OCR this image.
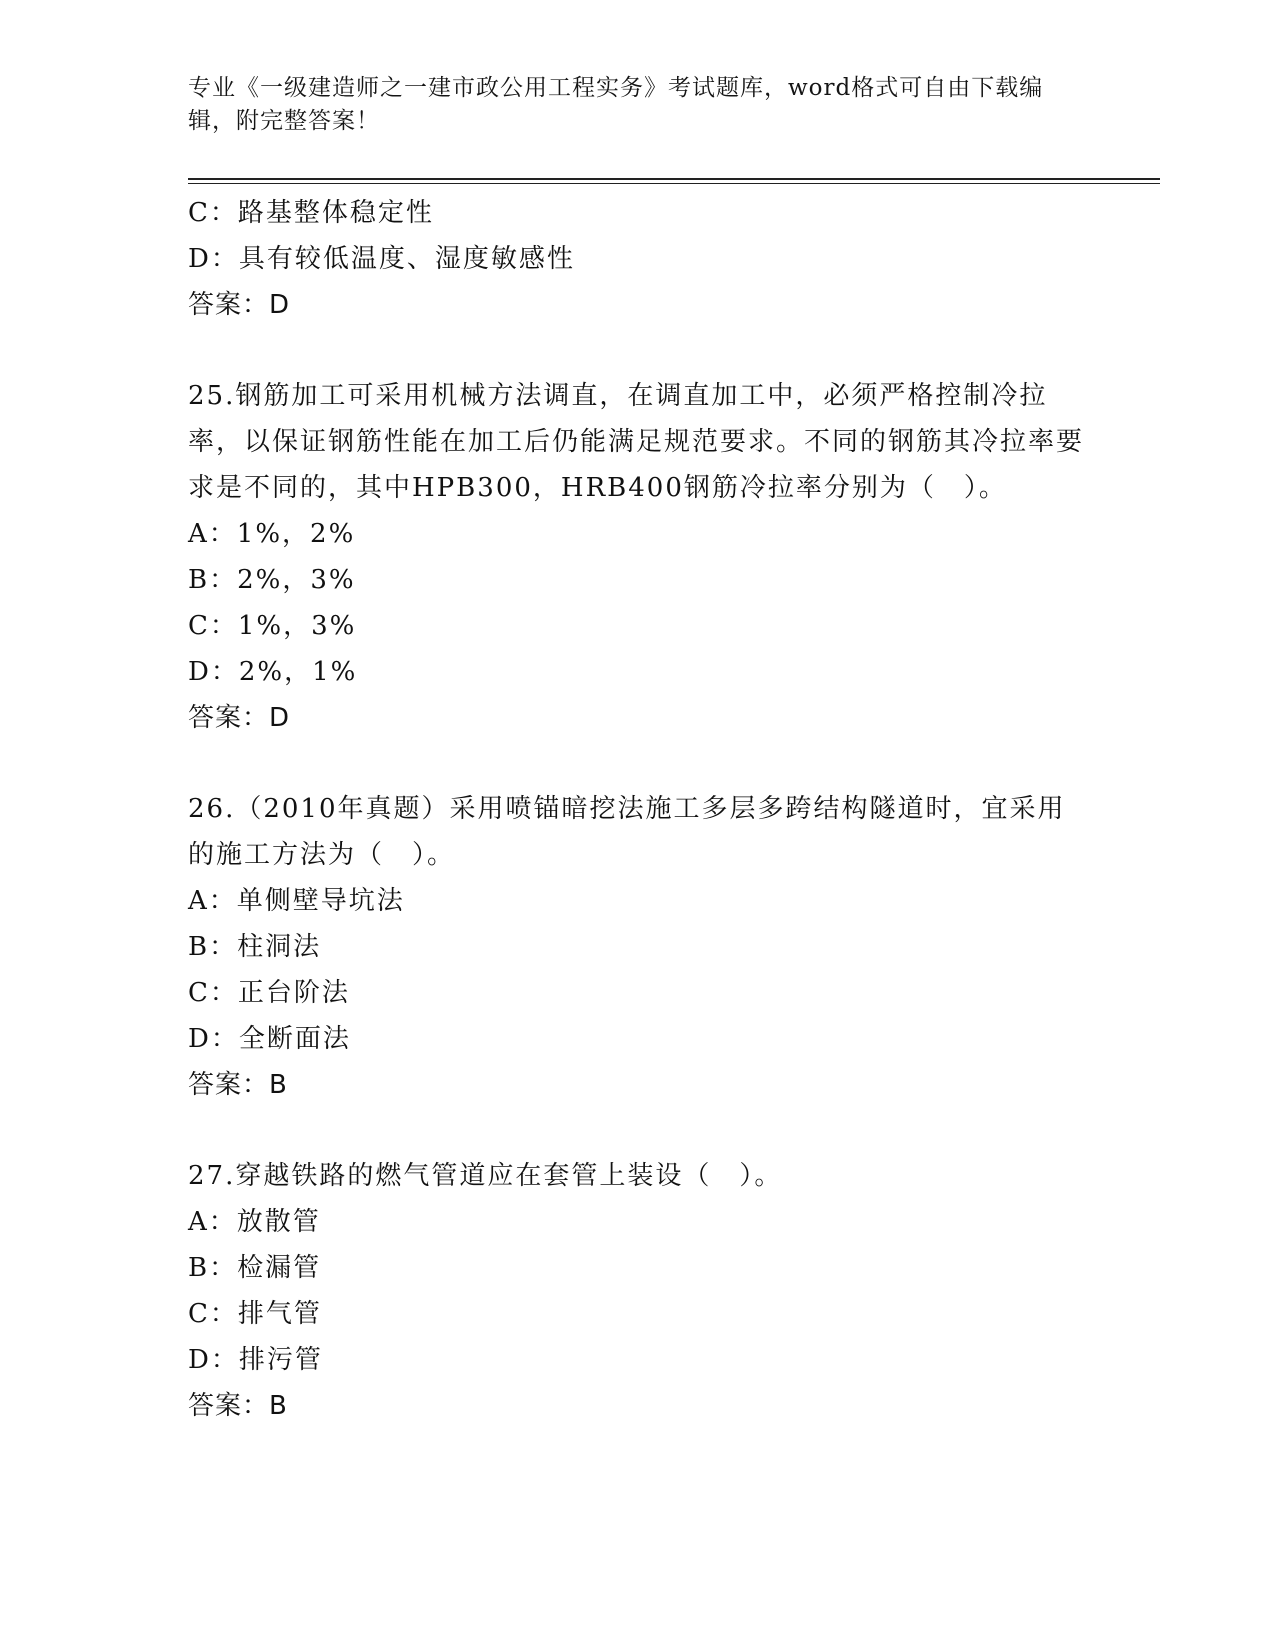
专业《一级建造师之一建市政公用工程实务》考试题库，word格式可自由下载编辑，附完整答案！
C：路基整体稳定性
D：具有较低温度、湿度敏感性
答案：D
25.钢筋加工可采用机械方法调直，在调直加工中，必须严格控制冷拉率，以保证钢筋性能在加工后仍能满足规范要求。不同的钢筋其冷拉率要求是不同的，其中HPB300，HRB400钢筋冷拉率分别为（　）。
A：1%，2%
B：2%，3%
C：1%，3%
D：2%，1%
答案：D
26.（2010年真题）采用喷锚暗挖法施工多层多跨结构隧道时，宜采用的施工方法为（　）。
A：单侧壁导坑法
B：柱洞法
C：正台阶法
D：全断面法
答案：B
27.穿越铁路的燃气管道应在套管上装设（　）。
A：放散管
B：检漏管
C：排气管
D：排污管
答案：B
